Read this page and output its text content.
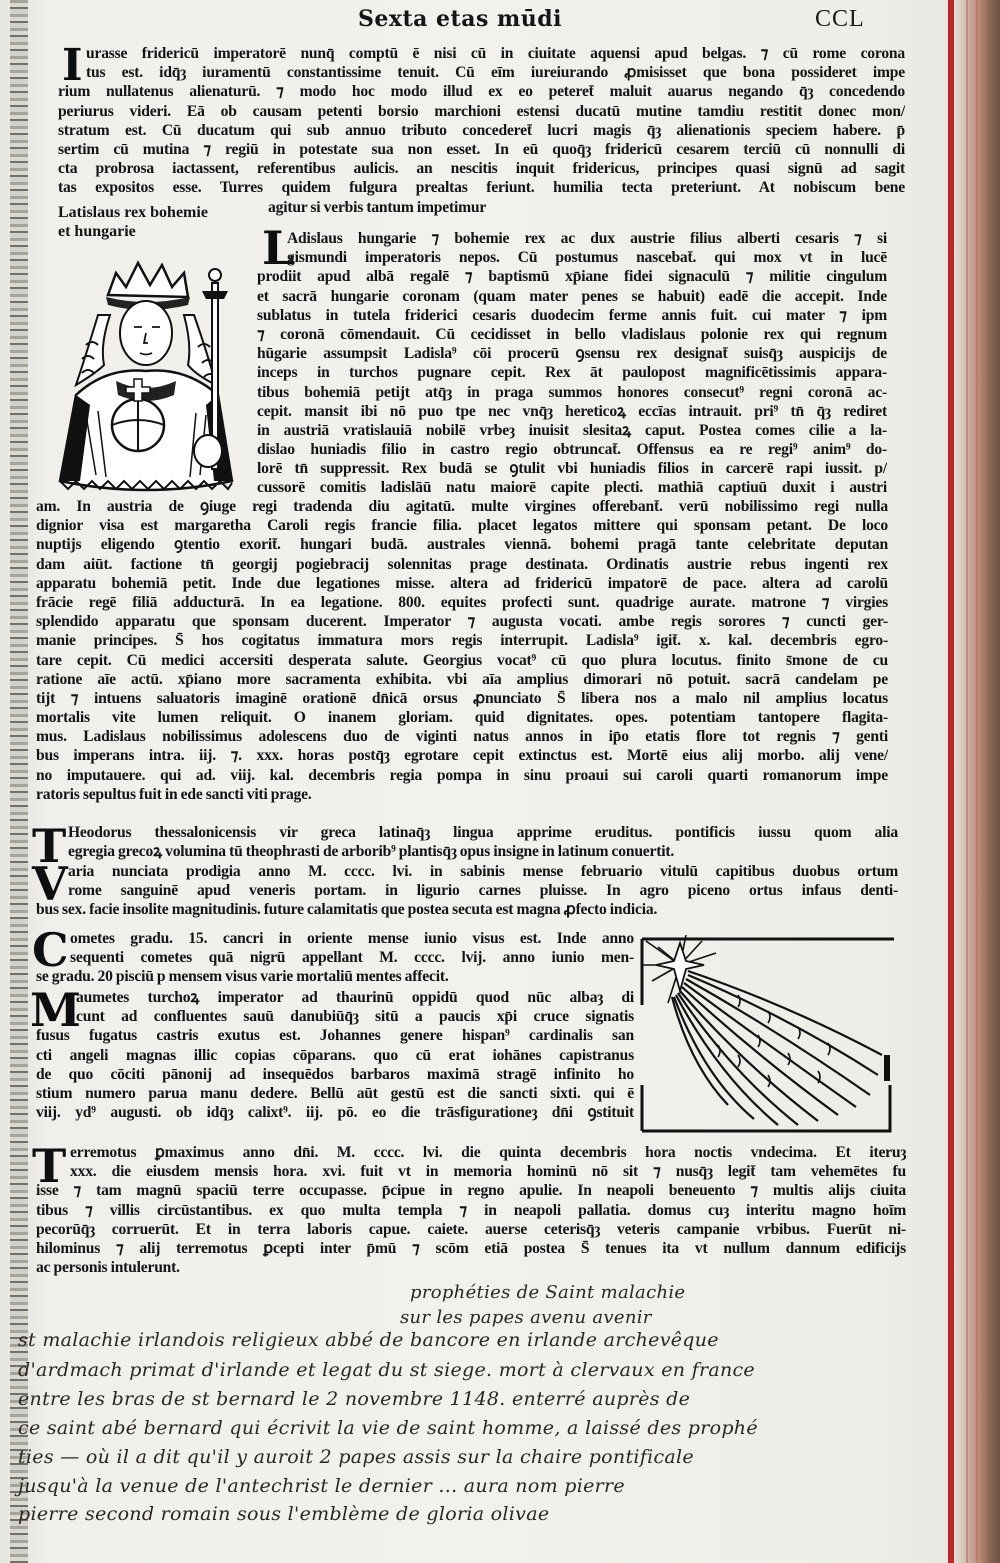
Sexta etas mūdi	CCL
I urasse fridericū imperatorē nunq̄ comptū ē nisi cū in ciuitate aquensi apud belgas. ⁊ cū rome corona
tus est. idq̄ȝ iuramentū constantissime tenuit. Cū eīm iureiurando ꝓmisisset que bona possideret impe
rium nullatenus alienaturū. ⁊ modo hoc modo illud ex eo peteret̄ maluit auarus negando q̄ȝ concedendo
periurus videri. Eā ob causam petenti borsio marchioni estensi ducatū mutine tamdiu restitit donec mon/
stratum est. Cū ducatum qui sub annuo tributo concederet̄ lucri magis q̄ȝ alienationis speciem habere. p̄
sertim cū mutina ⁊ regiū in potestate sua non esset. In eū quoq̄ȝ fridericū cesarem terciū cū nonnulli di
cta probrosa iactassent, referentibus aulicis. an nescitis inquit fridericus, principes quasi signū ad sagit
tas expositos esse. Turres quidem fulgura prealtas feriunt. humilia tecta preteriunt. At nobiscum bene
agitur si verbis tantum impetimur
Latislaus rex bohemie
et hungarie	L
Adislaus hungarie ⁊ bohemie rex ac dux austrie filius alberti cesaris ⁊ si
gismundi imperatoris nepos. Cū postumus nascebat̄. qui mox vt in lucē
prodiit apud albā regalē ⁊ baptismū xp̄iane fidei signaculū ⁊ militie cingulum
et sacrā hungarie coronam (quam mater penes se habuit) eadē die accepit. Inde
sublatus in tutela friderici cesaris duodecim ferme annis fuit. cui mater ⁊ ipm
⁊ coronā cōmendauit. Cū cecidisset in bello vladislaus polonie rex qui regnum
hūgarie assumpsit Ladisla⁹ cōi procerū ꝯsensu rex designat̄ suisq̄ȝ auspicijs de
inceps in turchos pugnare cepit. Rex āt paulopost magnificētissimis appara-
tibus bohemiā petijt atq̄ȝ in praga summos honores consecut⁹ regni coronā ac-
cepit. mansit ibi nō puo tpe nec vnq̄ȝ hereticoꝝ eccīas intrauit. pri⁹ tn̄ q̄ȝ rediret
in austriā vratislauiā nobilē vrbeȝ inuisit slesitaꝝ caput. Postea comes cilie a la-
dislao huniadis filio in castro regio obtruncat̄. Offensus ea re regi⁹ anim⁹ do-
lorē tn̄ suppressit. Rex budā se ꝯtulit vbi huniadis filios in carcerē rapi iussit. p/
cussorē comitis ladislāū natu maiorē capite plecti. mathiā captiuū duxit i austri
am. In austria de ꝯiuge regi tradenda diu agitatū. multe virgines offerebant̄. verū nobilissimo regi nulla
dignior visa est margaretha Caroli regis francie filia. placet legatos mittere qui sponsam petant. De loco
nuptijs eligendo ꝯtentio exorit̄. hungari budā. australes viennā. bohemi pragā tante celebritate deputan
dam aiūt. factione tn̄ georgij pogiebracij solennitas prage destinata. Ordinatis austrie rebus ingenti rex
apparatu bohemiā petit. Inde due legationes misse. altera ad fridericū impatorē de pace. altera ad carolū
frācie regē filiā adducturā. In ea legatione. 800. equites profecti sunt. quadrige aurate. matrone ⁊ virgies
splendido apparatu que sponsam ducerent. Imperator ⁊ augusta vocati. ambe regis sorores ⁊ cuncti ger-
manie principes. S̄ hos cogitatus immatura mors regis interrupit. Ladisla⁹ igit̄. x. kal. decembris egro-
tare cepit. Cū medici accersiti desperata salute. Georgius vocat⁹ cū quo plura locutus. finito s̄mone de cu
ratione aīe actū. xp̄iano more sacramenta exhibita. vbi aīa amplius dimorari nō potuit. sacrā candelam pe
tijt ⁊ intuens saluatoris imaginē orationē dn̄icā orsus ꝓnunciato S̄ libera nos a malo nil amplius locatus
mortalis vite lumen reliquit. O inanem gloriam. quid dignitates. opes. potentiam tantopere flagita-
mus. Ladislaus nobilissimus adolescens duo de viginti natus annos in ip̄o etatis flore tot regnis ⁊ genti
bus imperans intra. iij. ⁊. xxx. horas postq̄ȝ egrotare cepit extinctus est. Mortē eius alij morbo. alij vene/
no imputauere. qui ad. viij. kal. decembris regia pompa in sinu proaui sui caroli quarti romanorum impe
ratoris sepultus fuit in ede sancti viti prage.
T Heodorus thessalonicensis vir greca latinaq̄ȝ lingua apprime eruditus. pontificis iussu quom alia
egregia grecoꝝ volumina tū theophrasti de arborib⁹ plantisq̄ȝ opus insigne in latinum conuertit.
V aria nunciata prodigia anno M. cccc. lvi. in sabinis mense februario vitulū capitibus duobus ortum
rome sanguinē apud veneris portam. in ligurio carnes pluisse. In agro piceno ortus infaus denti-
bus sex. facie insolite magnitudinis. future calamitatis que postea secuta est magna ꝓfecto indicia.
C ometes gradu. 15. cancri in oriente mense iunio visus est. Inde anno
sequenti cometes quā nigrū appellant M. cccc. lvij. anno iunio men-
se gradu. 20 pisciū p mensem visus varie mortaliū mentes affecit.
M
aumetes turchoꝝ imperator ad thaurinū oppidū quod nūc albaȝ di
cunt ad confluentes sauū danubiūq̄ȝ sitū a paucis xp̄i cruce signatis
fusus fugatus castris exutus est. Johannes genere hispan⁹ cardinalis san
cti angeli magnas illic copias cōparans. quo cū erat iohānes capistranus
de quo cōciti pānonij ad insequēdos barbaros maximā stragē infinito ho
stium numero parua manu dedere. Bellū aūt gestū est die sancti sixti. qui ē
viij. yd⁹ augusti. ob idq̄ȝ calixt⁹. iij. pō. eo die trāsfigurationeȝ dn̄i ꝯstituit
T erremotus ꝑmaximus anno dn̄i. M. cccc. lvi. die quinta decembris hora noctis vndecima. Et iteruȝ
xxx. die eiusdem mensis hora. xvi. fuit vt in memoria hominū nō sit ⁊ nusq̄ȝ legit̄ tam vehemētes fu
isse ⁊ tam magnū spaciū terre occupasse. p̄cipue in regno apulie. In neapoli beneuento ⁊ multis alijs ciuita
tibus ⁊ villis circūstantibus. ex quo multa templa ⁊ in neapoli pallatia. domus cuȝ interitu magno hoīm
pecorūq̄ȝ corruerūt. Et in terra laboris capue. caiete. auerse ceterisq̄ȝ veteris campanie vrbibus. Fuerūt ni-
hilominus ⁊ alij terremotus ꝑcepti inter p̄mū ⁊ scōm etiā postea S̄ tenues ita vt nullum dannum edificijs
ac personis intulerunt.
prophéties de Saint malachie
sur les papes avenu avenir
st malachie irlandois religieux abbé de bancore en irlande archevêque
d'ardmach primat d'irlande et legat du st siege. mort à clervaux en france
entre les bras de st bernard le 2 novembre 1148. enterré auprès de
ce saint abé bernard qui écrivit la vie de saint homme, a laissé des prophé
ties — où il a dit qu'il y auroit 2 papes assis sur la chaire pontificale
jusqu'à la venue de l'antechrist le dernier ... aura nom pierre
pierre second romain sous l'emblème de gloria olivae
